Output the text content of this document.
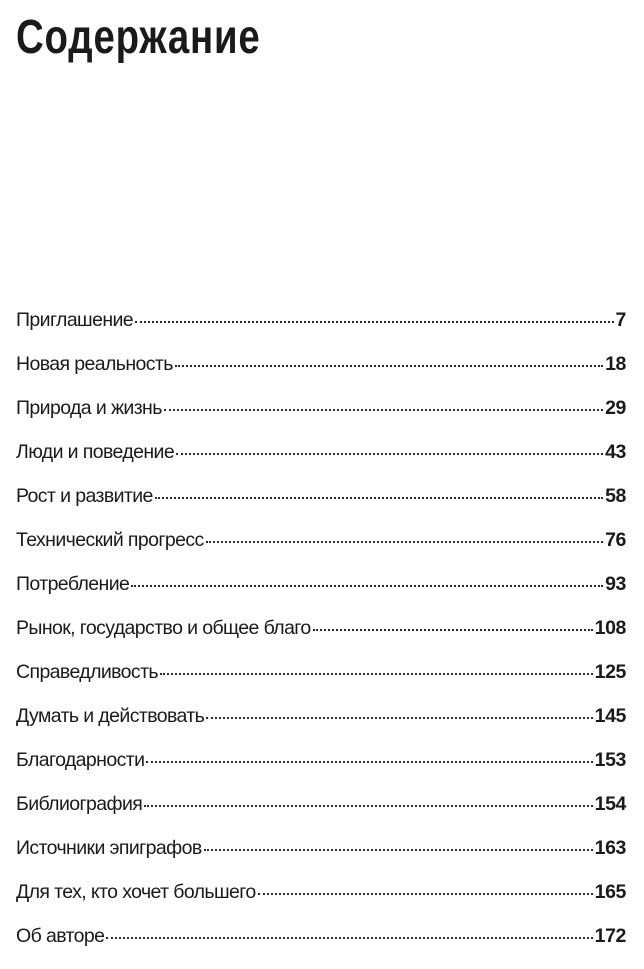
Содержание
Приглашение	7
Новая реальность	18
Природа и жизнь	29
Люди и поведение	43
Рост и развитие	58
Технический прогресс	76
Потребление	93
Рынок, государство и общее благо	108
Справедливость	125
Думать и действовать	145
Благодарности	153
Библиография	154
Источники эпиграфов	163
Для тех, кто хочет большего	165
Об авторе	172
